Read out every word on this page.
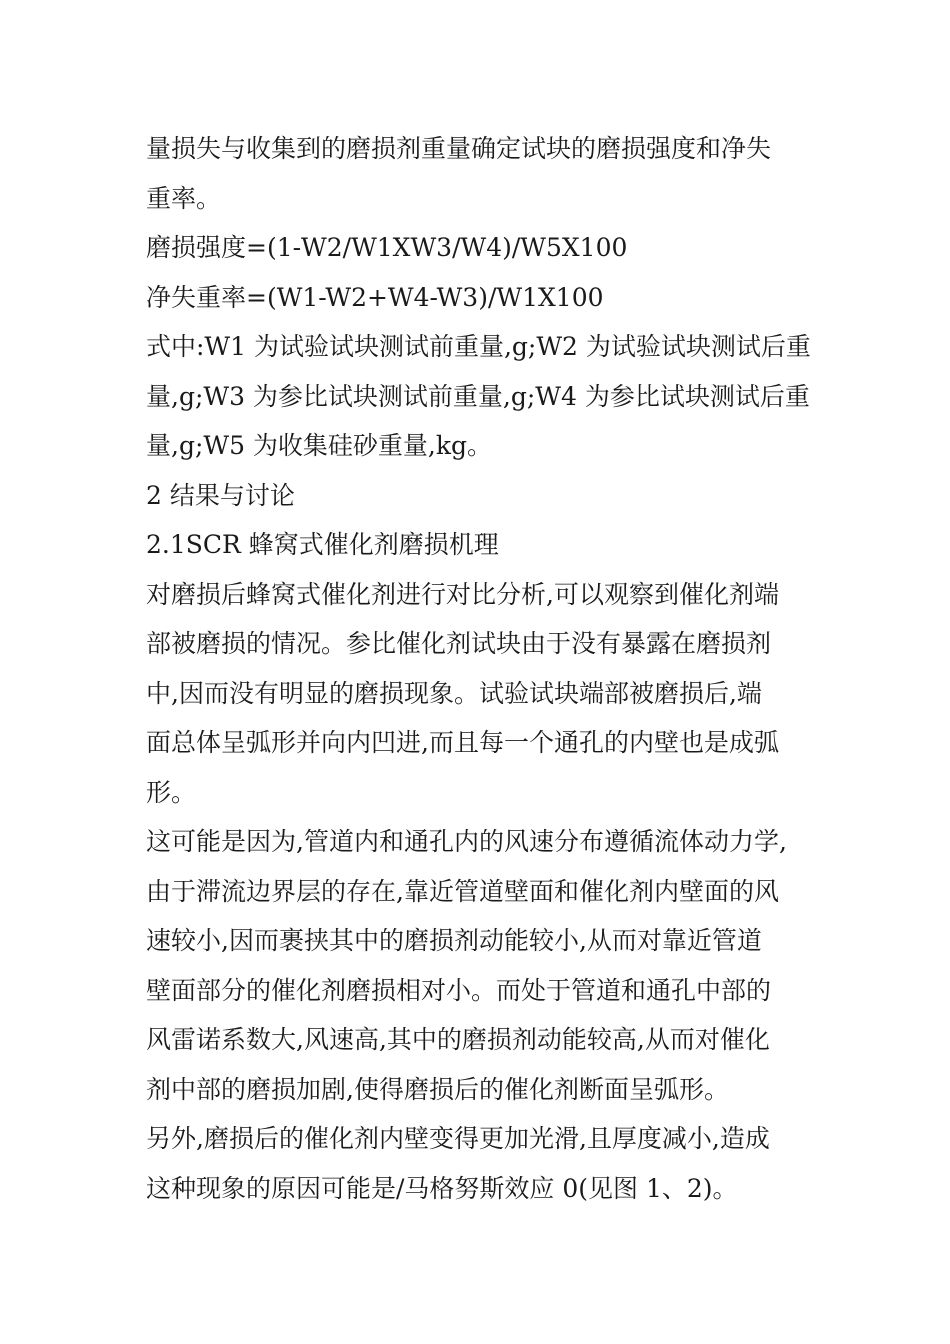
量损失与收集到的磨损剂重量确定试块的磨损强度和净失
重率。
磨损强度=(1-W2/W1XW3/W4)/W5X100
净失重率=(W1-W2+W4-W3)/W1X100
式中:W1 为试验试块测试前重量,g;W2 为试验试块测试后重
量,g;W3 为参比试块测试前重量,g;W4 为参比试块测试后重
量,g;W5 为收集硅砂重量,kg。
2 结果与讨论
2.1SCR 蜂窝式催化剂磨损机理
对磨损后蜂窝式催化剂进行对比分析,可以观察到催化剂端
部被磨损的情况。参比催化剂试块由于没有暴露在磨损剂
中,因而没有明显的磨损现象。试验试块端部被磨损后,端
面总体呈弧形并向内凹进,而且每一个通孔的内壁也是成弧
形。
这可能是因为,管道内和通孔内的风速分布遵循流体动力学,
由于滞流边界层的存在,靠近管道壁面和催化剂内壁面的风
速较小,因而裹挟其中的磨损剂动能较小,从而对靠近管道
壁面部分的催化剂磨损相对小。而处于管道和通孔中部的
风雷诺系数大,风速高,其中的磨损剂动能较高,从而对催化
剂中部的磨损加剧,使得磨损后的催化剂断面呈弧形。
另外,磨损后的催化剂内壁变得更加光滑,且厚度减小,造成
这种现象的原因可能是/马格努斯效应 0(见图 1、2)。
